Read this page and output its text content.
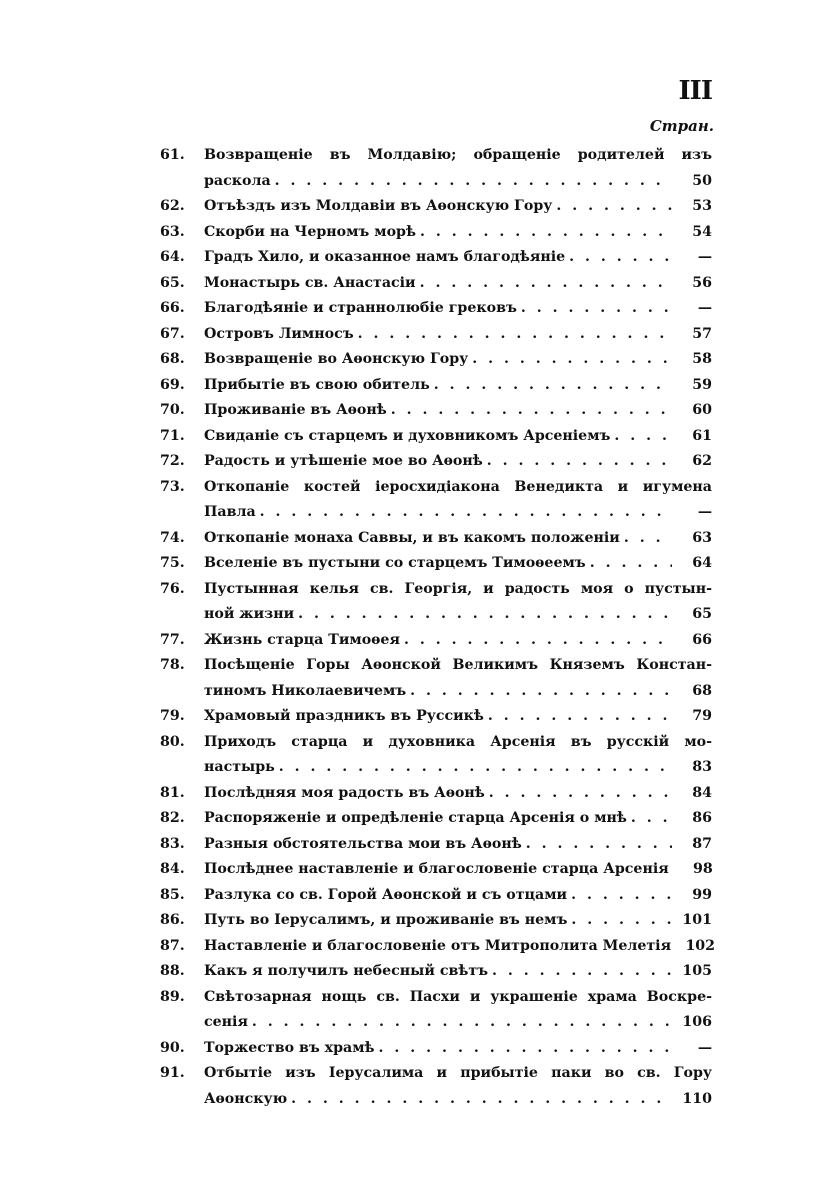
III
Стран.
61.	Возвращеніе въ Молдавію; обращеніе родителей изъ
раскола . . .	50
62.	Отъѣздъ изъ Молдавіи въ Аѳонскую Гору . . .	53
63.	Скорби на Черномъ морѣ . . .	54
64.	Градъ Хило, и оказанное намъ благодѣяніе . . .	—
65.	Монастырь св. Анастасіи . . .	56
66.	Благодѣяніе и страннолюбіе грековъ . . .	—
67.	Островъ Лимносъ . . .	57
68.	Возвращеніе во Аѳонскую Гору . . .	58
69.	Прибытіе въ свою обитель . . .	59
70.	Проживаніе въ Аѳонѣ . . .	60
71.	Свиданіе съ старцемъ и духовникомъ Арсеніемъ . . .	61
72.	Радость и утѣшеніе мое во Аѳонѣ . . .	62
73.	Откопаніе костей іеросхидіакона Венедикта и игумена
Павла . . .	—
74.	Откопаніе монаха Саввы, и въ какомъ положеніи . . .	63
75.	Вселеніе въ пустыни со старцемъ Тимоѳеемъ . . .	64
76.	Пустынная келья св. Георгія, и радость моя о пустын-
ной жизни . . .	65
77.	Жизнь старца Тимоѳея . . .	66
78.	Посѣщеніе Горы Аѳонской Великимъ Княземъ Констан-
тиномъ Николаевичемъ . . .	68
79.	Храмовый праздникъ въ Руссикѣ . . .	79
80.	Приходъ старца и духовника Арсенія въ русскій мо-
настырь . . .	83
81.	Послѣдняя моя радость въ Аѳонѣ . . .	84
82.	Распоряженіе и опредѣленіе старца Арсенія о мнѣ . . .	86
83.	Разныя обстоятельства мои въ Аѳонѣ . . .	87
84.	Послѣднее наставленіе и благословеніе старца Арсенія	98
85.	Разлука со св. Горой Аѳонской и съ отцами . . .	99
86.	Путь во Іерусалимъ, и проживаніе въ немъ . . .	101
87.	Наставленіе и благословеніе отъ Митрополита Мелетія	102
88.	Какъ я получилъ небесный свѣтъ . . .	105
89.	Свѣтозарная нощь св. Пасхи и украшеніе храма Воскре-
сенія . . .	106
90.	Торжество въ храмѣ . . .	—
91.	Отбытіе изъ Іерусалима и прибытіе паки во св. Гору
Аѳонскую . . .	110
